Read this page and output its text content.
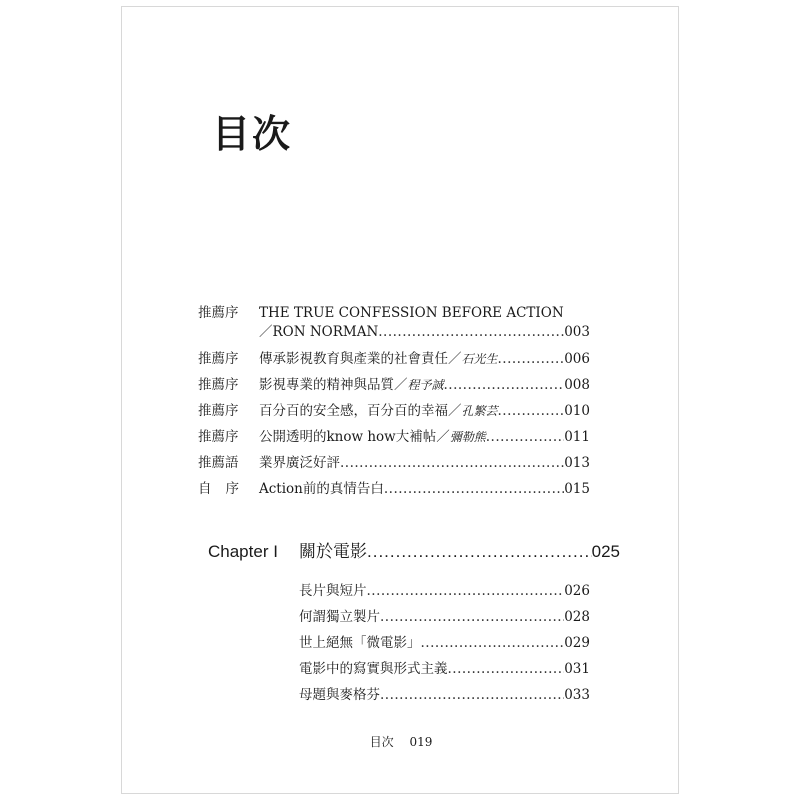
目次
推薦序	THE TRUE CONFESSION BEFORE ACTION
／RON NORMAN .....	003
推薦序	傳承影視教育與產業的社會責任／ 石光生 .....	006
推薦序	影視專業的精神與品質／ 程予誠 .....	008
推薦序	百分百的安全感，百分百的幸福／ 孔繁芸 .....	010
推薦序	公開透明的know how大補帖／ 彌勒熊 .....	011
推薦語	業界廣泛好評 .....	013
自序 Action前的真情告白 .....	015
Chapter I 關於電影 .....	025
長片與短片 .....	026
何謂獨立製片 .....	028
世上絕無「微電影」 .....	029
電影中的寫實與形式主義 .....	031
母題與麥格芬 .....	033
目次 019
